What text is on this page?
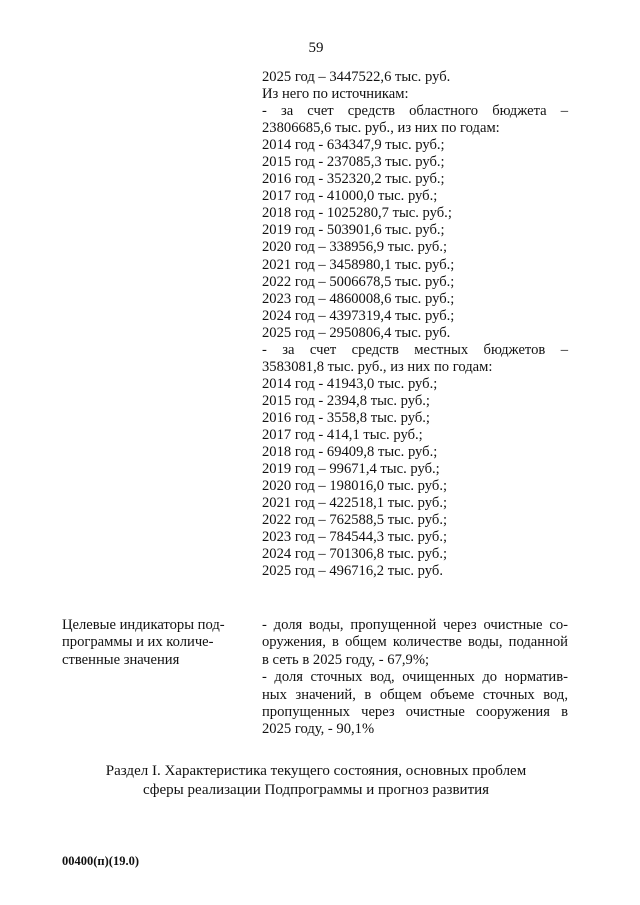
59
2025 год – 3447522,6 тыс. руб.
Из него по источникам:
- за счет средств областного бюджета –
23806685,6 тыс. руб., из них по годам:
2014 год - 634347,9 тыс. руб.;
2015 год - 237085,3 тыс. руб.;
2016 год - 352320,2 тыс. руб.;
2017 год - 41000,0 тыс. руб.;
2018 год - 1025280,7 тыс. руб.;
2019 год - 503901,6 тыс. руб.;
2020 год – 338956,9 тыс. руб.;
2021 год – 3458980,1 тыс. руб.;
2022 год – 5006678,5 тыс. руб.;
2023 год – 4860008,6 тыс. руб.;
2024 год – 4397319,4 тыс. руб.;
2025 год – 2950806,4 тыс. руб.
- за счет средств местных бюджетов –
3583081,8 тыс. руб., из них по годам:
2014 год - 41943,0 тыс. руб.;
2015 год - 2394,8 тыс. руб.;
2016 год - 3558,8 тыс. руб.;
2017 год - 414,1 тыс. руб.;
2018 год - 69409,8 тыс. руб.;
2019 год – 99671,4 тыс. руб.;
2020 год – 198016,0 тыс. руб.;
2021 год – 422518,1 тыс. руб.;
2022 год – 762588,5 тыс. руб.;
2023 год – 784544,3 тыс. руб.;
2024 год – 701306,8 тыс. руб.;
2025 год – 496716,2 тыс. руб.
Целевые индикаторы под-
программы и их количе-
ственные значения
- доля воды, пропущенной через очистные со-
оружения, в общем количестве воды, поданной
в сеть в 2025 году, - 67,9%;
- доля сточных вод, очищенных до норматив-
ных значений, в общем объеме сточных вод,
пропущенных через очистные сооружения в
2025 году, - 90,1%
Раздел I. Характеристика текущего состояния, основных проблем
сферы реализации Подпрограммы и прогноз развития
00400(п)(19.0)
